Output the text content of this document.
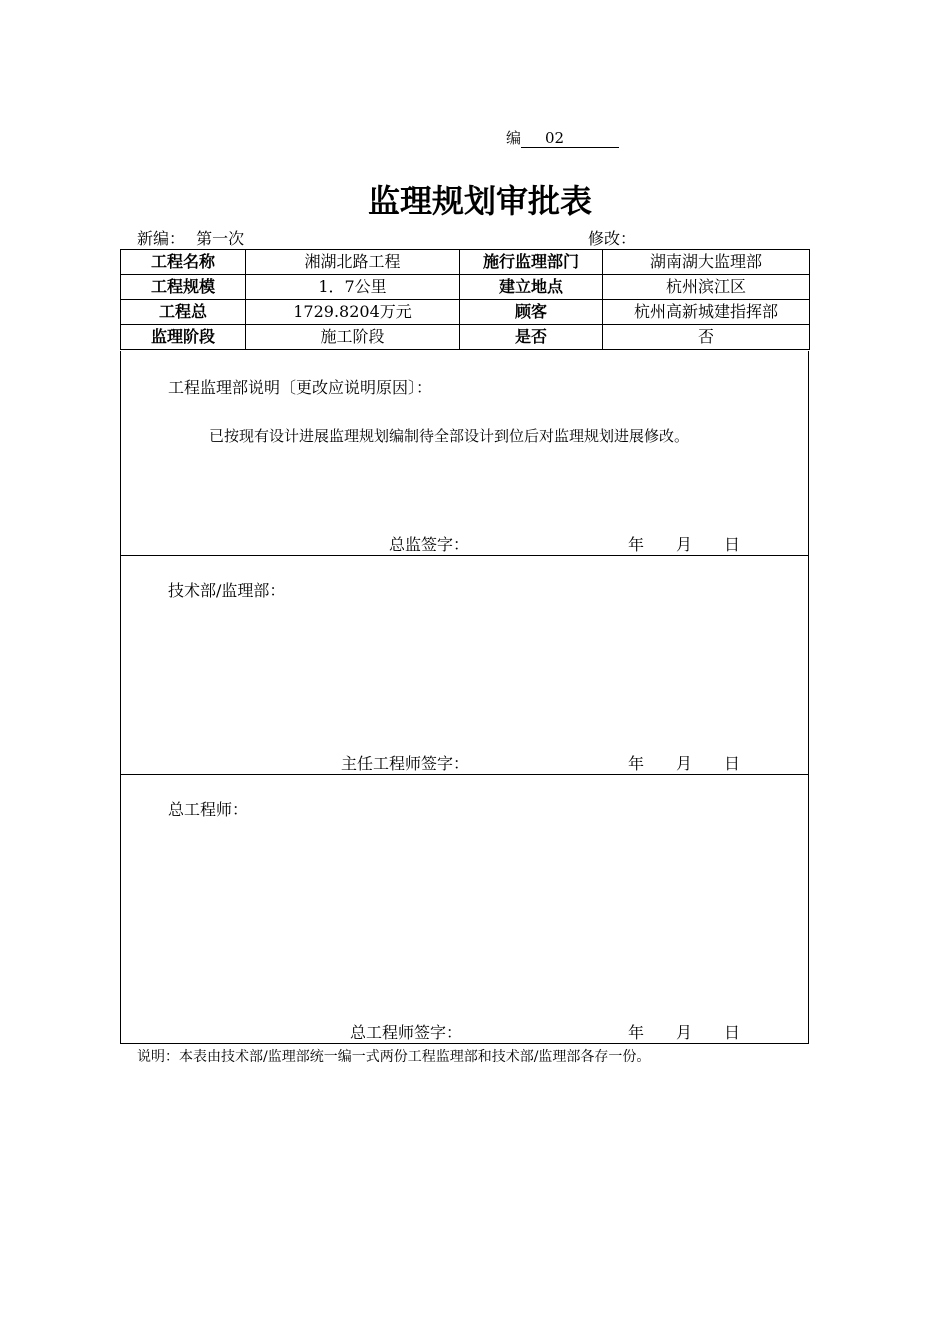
编 02
监理规划审批表
新编： 第一次	修改：
工程名称	湘湖北路工程	施行监理部门	湖南湖大监理部
工程规模	1．7公里	建立地点	杭州滨江区
工程总	1729.8204万元	顾客	杭州高新城建指挥部
监理阶段	施工阶段	是否	否
工程监理部说明〔更改应说明原因〕：
已按现有设计进展监理规划编制待全部设计到位后对监理规划进展修改。
总监签字：	年 月 日
技术部/监理部：
主任工程师签字：	年 月 日
总工程师：
总工程师签字：	年 月 日
说明：本表由技术部/监理部统一编一式两份工程监理部和技术部/监理部各存一份。
